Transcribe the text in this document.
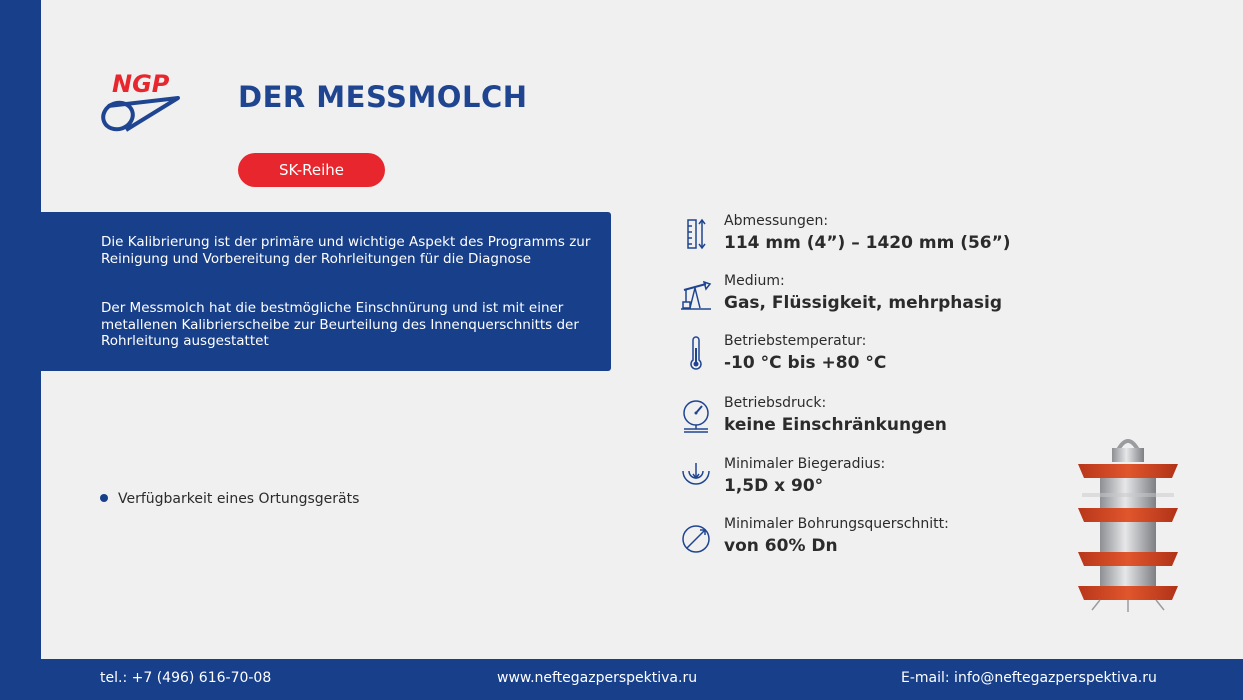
NGP DER MESSMOLCH
SK-Reihe

Die Kalibrierung ist der primäre und wichtige Aspekt des Programms zur Reinigung und Vorbereitung der Rohrleitungen für die Diagnose

Der Messmolch hat die bestmögliche Einschnürung und ist mit einer metallenen Kalibrierscheibe zur Beurteilung des Innenquerschnitts der Rohrleitung ausgestattet

Verfügbarkeit eines Ortungsgeräts
Abmessungen:
114 mm (4”) – 1420 mm (56”)
Medium:
Gas, Flüssigkeit, mehrphasig
Betriebstemperatur:
-10 °C bis +80 °C
Betriebsdruck:
keine Einschränkungen
Minimaler Biegeradius:
1,5D x 90°
Minimaler Bohrungsquerschnitt:
von 60% Dn
tel.: +7 (496) 616-70-08	www.neftegazperspektiva.ru	E-mail: info@neftegazperspektiva.ru
